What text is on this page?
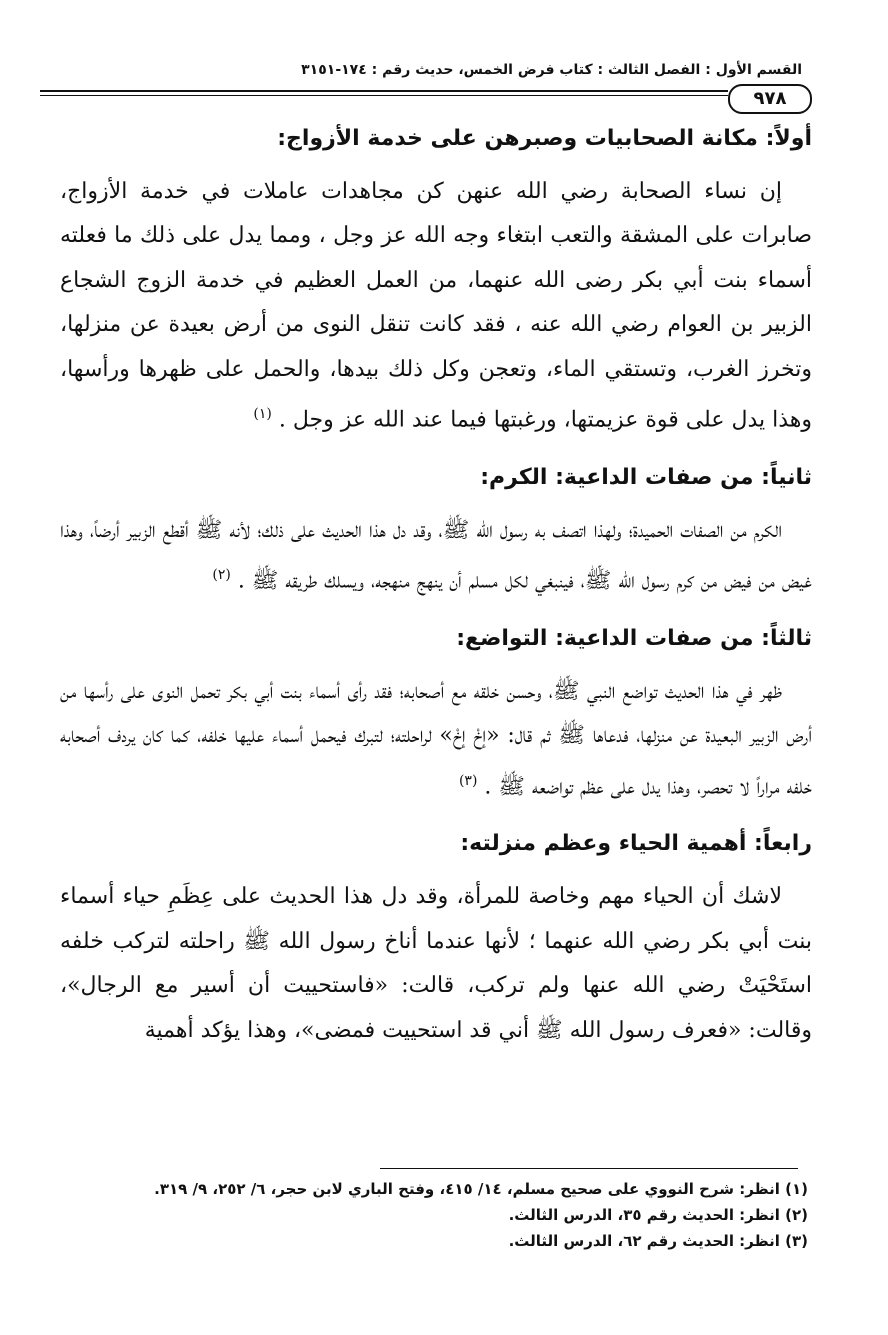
القسم الأول : الفصل الثالث : كتاب فرض الخمس، حديث رقم : ١٧٤-٣١٥١
٩٧٨
أولاً: مكانة الصحابيات وصبرهن على خدمة الأزواج:

إن نساء الصحابة رضي الله عنهن كن مجاهدات عاملات في خدمة الأزواج، صابرات على المشقة والتعب ابتغاء وجه الله عز وجل ، ومما يدل على ذلك ما فعلته أسماء بنت أبي بكر رضى الله عنهما، من العمل العظيم في خدمة الزوج الشجاع الزبير بن العوام رضي الله عنه ، فقد كانت تنقل النوى من أرض بعيدة عن منزلها، وتخرز الغرب، وتستقي الماء، وتعجن وكل ذلك بيدها، والحمل على ظهرها ورأسها، وهذا يدل على قوة عزيمتها، ورغبتها فيما عند الله عز وجل . $^{(١)}$

ثانياً: من صفات الداعية: الكرم:

الكرم من الصفات الحميدة؛ ولهذا اتصف به رسول الله ﷺ، وقد دل هذا الحديث على ذلك؛ لأنه ﷺ أقطع الزبير أرضاً، وهذا غيض من فيض من كرم رسول الله ﷺ، فينبغي لكل مسلم أن ينهج منهجه، ويسلك طريقه ﷺ . $^{(٢)}$

ثالثاً: من صفات الداعية: التواضع:

ظهر في هذا الحديث تواضع النبي ﷺ، وحسن خلقه مع أصحابه؛ فقد رأى أسماء بنت أبي بكر تحمل النوى على رأسها من أرض الزبير البعيدة عن منزلها، فدعاها ﷺ ثم قال: «إخْ إخْ» لراحلته؛ لتبرك فيحمل أسماء عليها خلفه، كما كان يردف أصحابه خلفه مراراً لا تحصر، وهذا يدل على عظم تواضعه ﷺ . $^{(٣)}$

رابعاً: أهمية الحياء وعظم منزلته:

لاشك أن الحياء مهم وخاصة للمرأة، وقد دل هذا الحديث على عِظَمِ حياء أسماء بنت أبي بكر رضي الله عنهما ؛ لأنها عندما أناخ رسول الله ﷺ راحلته لتركب خلفه استَحْيَتْ رضي الله عنها ولم تركب، قالت: «فاستحييت أن أسير مع الرجال»، وقالت: «فعرف رسول الله ﷺ أني قد استحييت فمضى»، وهذا يؤكد أهمية

(١) انظر: شرح النووي على صحيح مسلم، ١٤/ ٤١٥، وفتح الباري لابن حجر، ٦/ ٢٥٢، ٩/ ٣١٩.

(٢) انظر: الحديث رقم ٣٥، الدرس الثالث.

(٣) انظر: الحديث رقم ٦٢، الدرس الثالث.
